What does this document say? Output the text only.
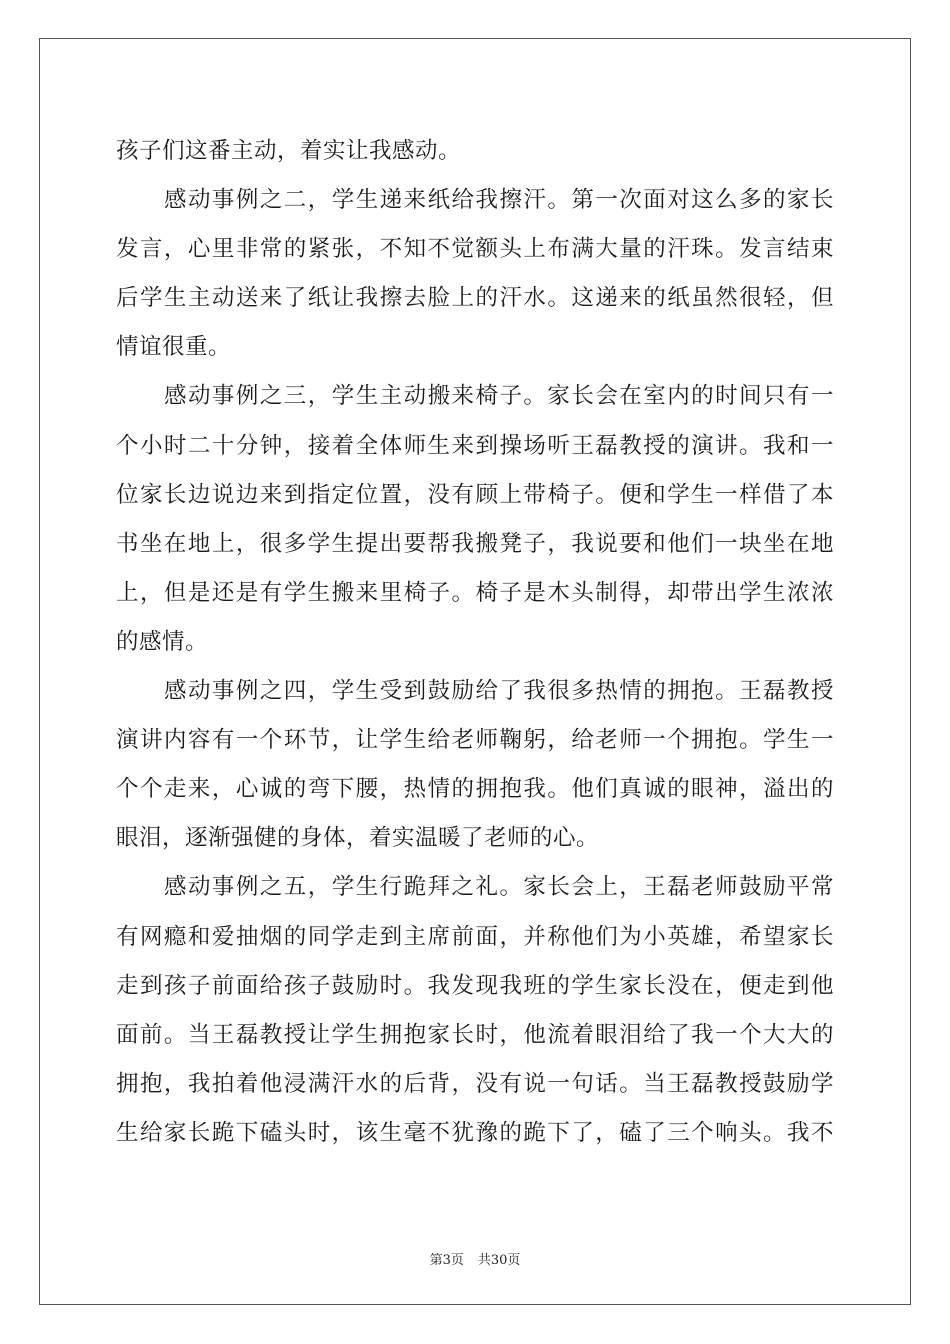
孩子们这番主动，着实让我感动。
感动事例之二，学生递来纸给我擦汗。第一次面对这么多的家长
发言，心里非常的紧张，不知不觉额头上布满大量的汗珠。发言结束
后学生主动送来了纸让我擦去脸上的汗水。这递来的纸虽然很轻，但
情谊很重。
感动事例之三，学生主动搬来椅子。家长会在室内的时间只有一
个小时二十分钟，接着全体师生来到操场听王磊教授的演讲。我和一
位家长边说边来到指定位置，没有顾上带椅子。便和学生一样借了本
书坐在地上，很多学生提出要帮我搬凳子，我说要和他们一块坐在地
上，但是还是有学生搬来里椅子。椅子是木头制得，却带出学生浓浓
的感情。
感动事例之四，学生受到鼓励给了我很多热情的拥抱。王磊教授
演讲内容有一个环节，让学生给老师鞠躬，给老师一个拥抱。学生一
个个走来，心诚的弯下腰，热情的拥抱我。他们真诚的眼神，溢出的
眼泪，逐渐强健的身体，着实温暖了老师的心。
感动事例之五，学生行跪拜之礼。家长会上，王磊老师鼓励平常
有网瘾和爱抽烟的同学走到主席前面，并称他们为小英雄，希望家长
走到孩子前面给孩子鼓励时。我发现我班的学生家长没在，便走到他
面前。当王磊教授让学生拥抱家长时，他流着眼泪给了我一个大大的
拥抱，我拍着他浸满汗水的后背，没有说一句话。当王磊教授鼓励学
生给家长跪下磕头时，该生毫不犹豫的跪下了，磕了三个响头。我不
第3页 共30页
